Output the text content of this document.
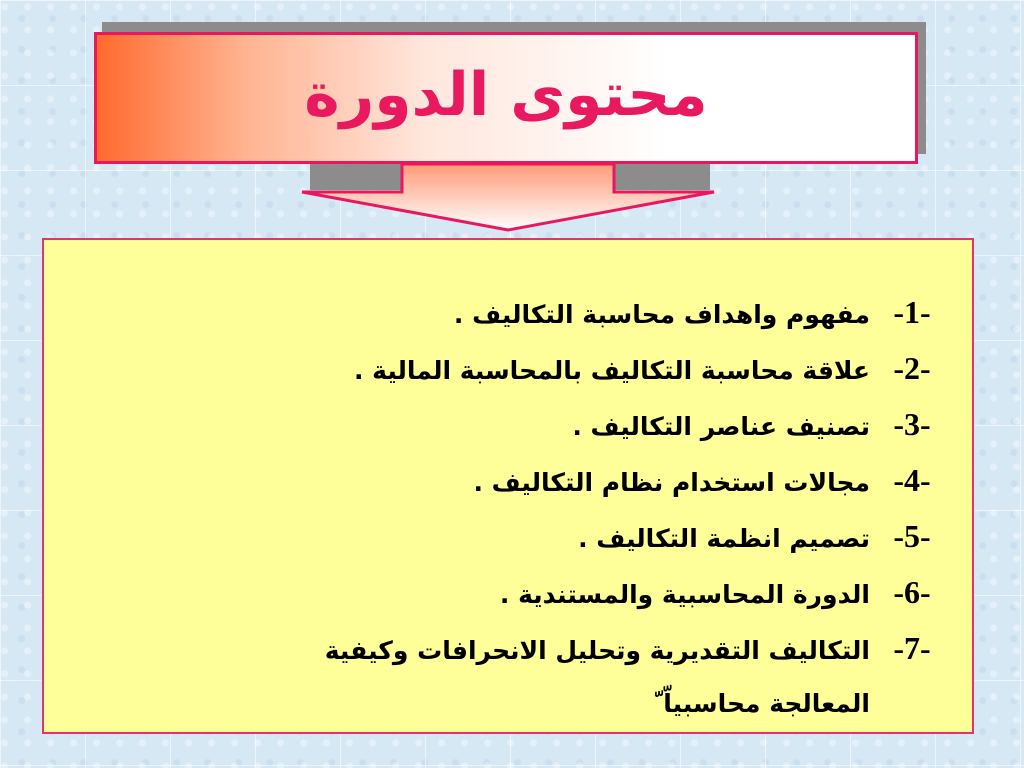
محتوى الدورة
-1-
مفهوم واهداف محاسبة التكاليف .
-2-
علاقة محاسبة التكاليف بالمحاسبة المالية .
-3-
تصنيف عناصر التكاليف .
-4-
مجالات استخدام نظام التكاليف .
-5-
تصميم انظمة التكاليف .
-6-
الدورة المحاسبية والمستندية .
-7-
التكاليف التقديرية وتحليل الانحرافات وكيفية
المعالجة محاسبياّ ّ
